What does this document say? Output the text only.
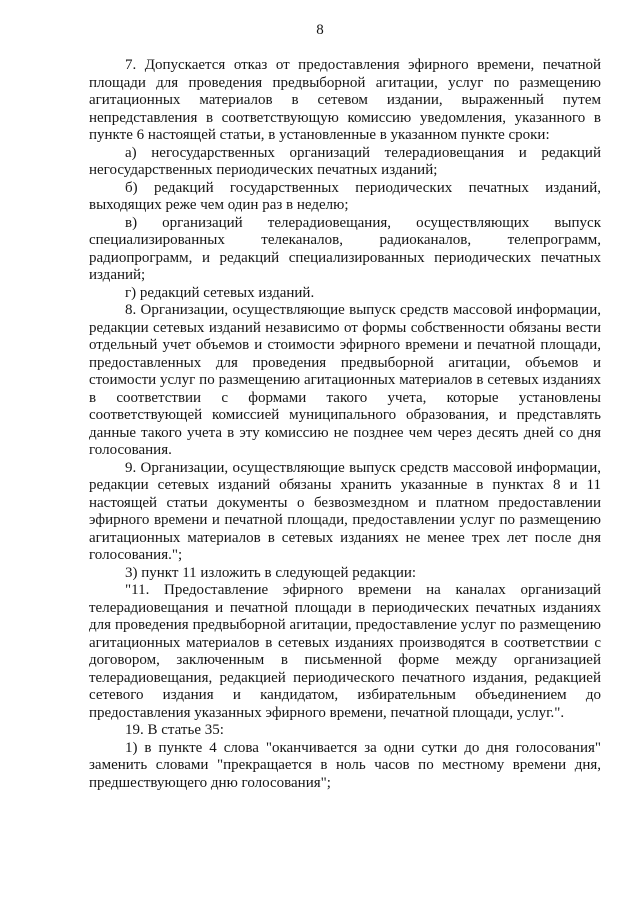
8

7. Допускается отказ от предоставления эфирного времени, печатной площади для проведения предвыборной агитации, услуг по размещению агитационных материалов в сетевом издании, выраженный путем непредставления в соответствующую комиссию уведомления, указанного в пункте 6 настоящей статьи, в установленные в указанном пункте сроки:

а) негосударственных организаций телерадиовещания и редакций негосударственных периодических печатных изданий;

б) редакций государственных периодических печатных изданий, выходящих реже чем один раз в неделю;

в) организаций телерадиовещания, осуществляющих выпуск специализированных телеканалов, радиоканалов, телепрограмм, радиопрограмм, и редакций специализированных периодических печатных изданий;

г) редакций сетевых изданий.

8. Организации, осуществляющие выпуск средств массовой информации, редакции сетевых изданий независимо от формы собственности обязаны вести отдельный учет объемов и стоимости эфирного времени и печатной площади, предоставленных для проведения предвыборной агитации, объемов и стоимости услуг по размещению агитационных материалов в сетевых изданиях в соответствии с формами такого учета, которые установлены соответствующей комиссией муниципального образования, и представлять данные такого учета в эту комиссию не позднее чем через десять дней со дня голосования.

9. Организации, осуществляющие выпуск средств массовой информации, редакции сетевых изданий обязаны хранить указанные в пунктах 8 и 11 настоящей статьи документы о безвозмездном и платном предоставлении эфирного времени и печатной площади, предоставлении услуг по размещению агитационных материалов в сетевых изданиях не менее трех лет после дня голосования.";

3) пункт 11 изложить в следующей редакции:

"11. Предоставление эфирного времени на каналах организаций телерадиовещания и печатной площади в периодических печатных изданиях для проведения предвыборной агитации, предоставление услуг по размещению агитационных материалов в сетевых изданиях производятся в соответствии с договором, заключенным в письменной форме между организацией телерадиовещания, редакцией периодического печатного издания, редакцией сетевого издания и кандидатом, избирательным объединением до предоставления указанных эфирного времени, печатной площади, услуг.".

19. В статье 35:

1) в пункте 4 слова "оканчивается за одни сутки до дня голосования" заменить словами "прекращается в ноль часов по местному времени дня, предшествующего дню голосования";
